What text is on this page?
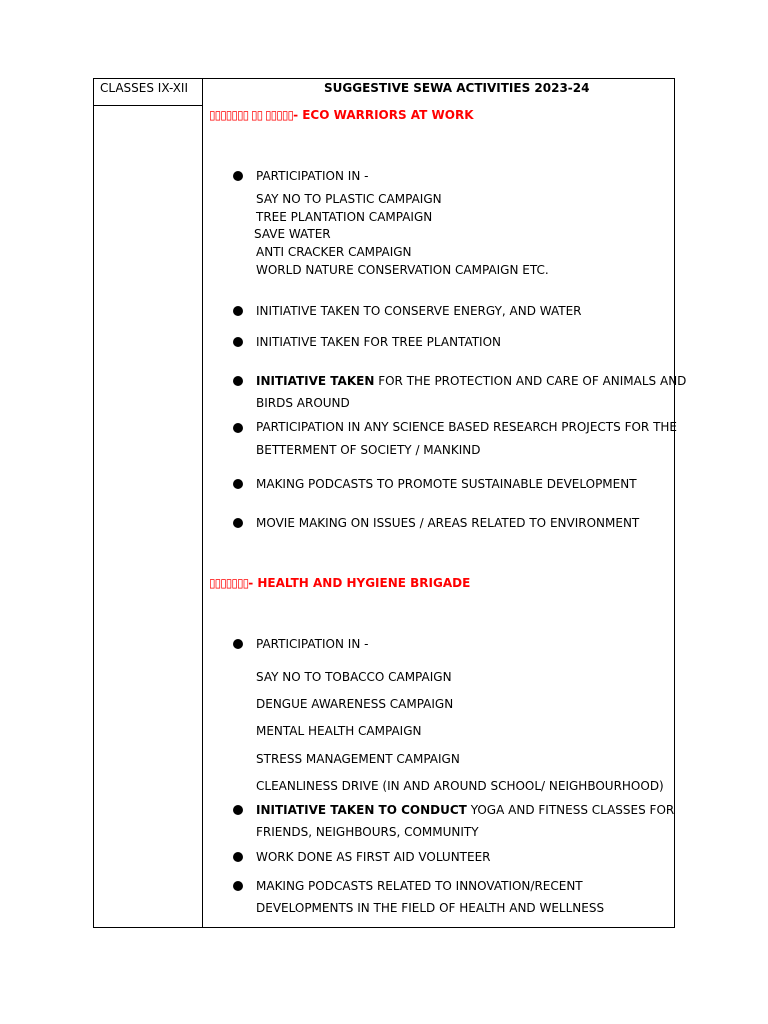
CLASSES IX-XII	SUGGESTIVE SEWA ACTIVITIES 2023-24
▯▯▯▯▯▯▯ ▯▯ ▯▯▯▯▯- ECO WARRIORS AT WORK
PARTICIPATION IN -
SAY NO TO PLASTIC CAMPAIGN
TREE PLANTATION CAMPAIGN
SAVE WATER
ANTI CRACKER CAMPAIGN
WORLD NATURE CONSERVATION CAMPAIGN ETC.
INITIATIVE TAKEN TO CONSERVE ENERGY, AND WATER
INITIATIVE TAKEN FOR TREE PLANTATION
INITIATIVE TAKEN FOR THE PROTECTION AND CARE OF ANIMALS AND
BIRDS AROUND
PARTICIPATION IN ANY SCIENCE BASED RESEARCH PROJECTS FOR THE
BETTERMENT OF SOCIETY / MANKIND
MAKING PODCASTS TO PROMOTE SUSTAINABLE DEVELOPMENT
MOVIE MAKING ON ISSUES / AREAS RELATED TO ENVIRONMENT
▯▯▯▯▯▯▯- HEALTH AND HYGIENE BRIGADE
PARTICIPATION IN -
SAY NO TO TOBACCO CAMPAIGN
DENGUE AWARENESS CAMPAIGN
MENTAL HEALTH CAMPAIGN
STRESS MANAGEMENT CAMPAIGN
CLEANLINESS DRIVE (IN AND AROUND SCHOOL/ NEIGHBOURHOOD)
INITIATIVE TAKEN TO CONDUCT YOGA AND FITNESS CLASSES FOR
FRIENDS, NEIGHBOURS, COMMUNITY
WORK DONE AS FIRST AID VOLUNTEER
MAKING PODCASTS RELATED TO INNOVATION/RECENT
DEVELOPMENTS IN THE FIELD OF HEALTH AND WELLNESS
